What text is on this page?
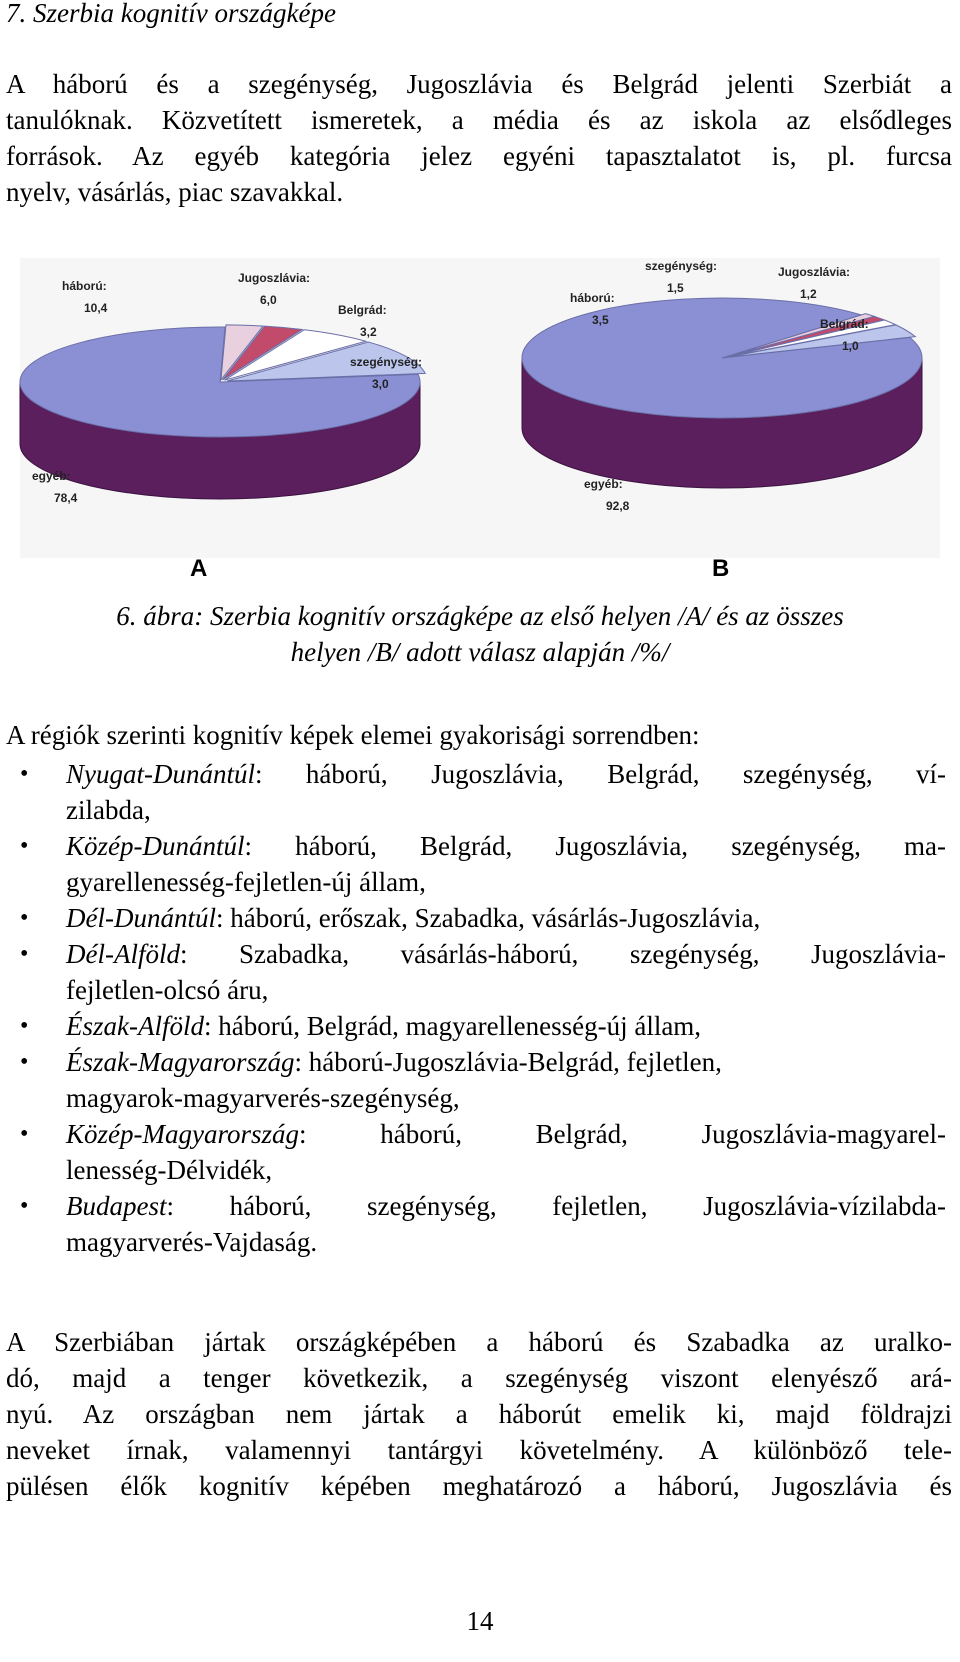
7. Szerbia kognitív országképe
A háború és a szegénység, Jugoszlávia és Belgrád jelenti Szerbiát a
tanulóknak. Közvetített ismeretek, a média és az iskola az elsődleges
források. Az egyéb kategória jelez egyéni tapasztalatot is, pl. furcsa
nyelv, vásárlás, piac szavakkal.
háború:
10,4
Jugoszlávia:
6,0
Belgrád:
3,2
szegénység:
3,0
egyéb:
78,4
háború:
3,5
szegénység:
1,5
Jugoszlávia:
1,2
Belgrád:
1,0
egyéb:
92,8
A	B
6. ábra: Szerbia kognitív országképe az első helyen /A/ és az összes
helyen /B/ adott válasz alapján /%/
A régiók szerinti kognitív képek elemei gyakorisági sorrendben:
• Nyugat-Dunántúl: háború, Jugoszlávia, Belgrád, szegénység, ví-
zilabda,
• Közép-Dunántúl: háború, Belgrád, Jugoszlávia, szegénység, ma-
gyarellenesség-fejletlen-új állam,
• Dél-Dunántúl: háború, erőszak, Szabadka, vásárlás-Jugoszlávia,
• Dél-Alföld: Szabadka, vásárlás-háború, szegénység, Jugoszlávia-
fejletlen-olcsó áru,
• Észak-Alföld: háború, Belgrád, magyarellenesség-új állam,
• Észak-Magyarország: háború-Jugoszlávia-Belgrád, fejletlen,
magyarok-magyarverés-szegénység,
• Közép-Magyarország: háború, Belgrád, Jugoszlávia-magyarel-
lenesség-Délvidék,
• Budapest: háború, szegénység, fejletlen, Jugoszlávia-vízilabda-
magyarverés-Vajdaság.
A Szerbiában jártak országképében a háború és Szabadka az uralko-
dó, majd a tenger következik, a szegénység viszont elenyésző ará-
nyú. Az országban nem jártak a háborút emelik ki, majd földrajzi
neveket írnak, valamennyi tantárgyi követelmény. A különböző tele-
pülésen élők kognitív képében meghatározó a háború, Jugoszlávia és
14
